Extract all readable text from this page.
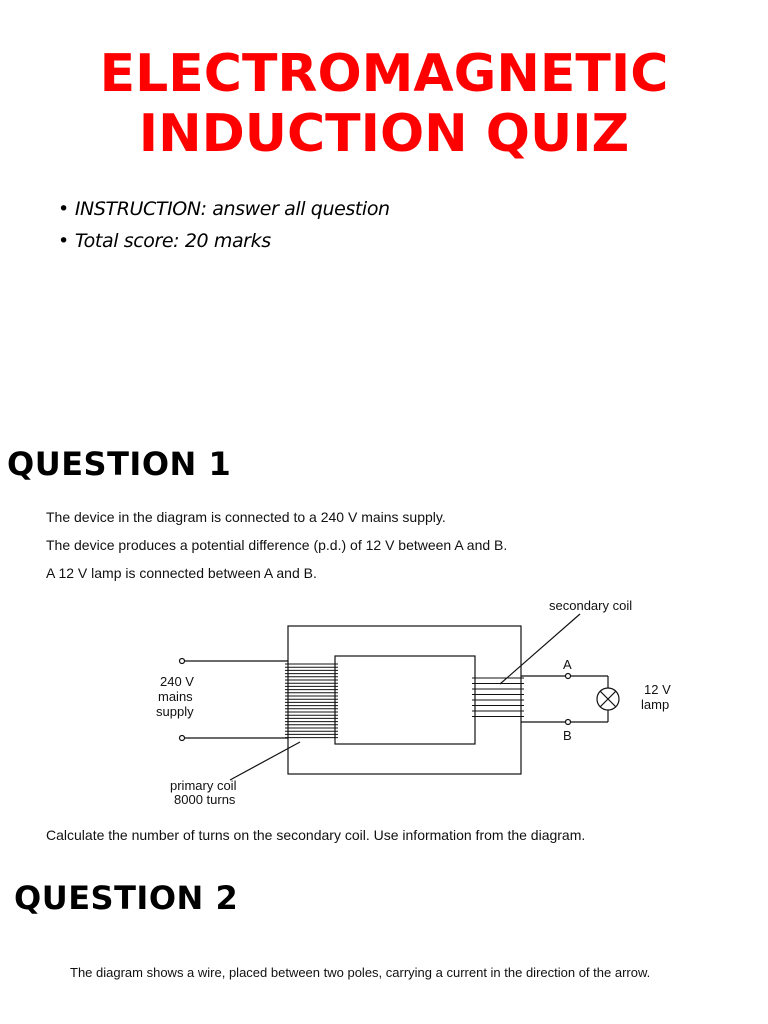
ELECTROMAGNETIC
INDUCTION QUIZ
• INSTRUCTION: answer all question
• Total score: 20 marks
QUESTION 1

The device in the diagram is connected to a 240 V mains supply.

The device produces a potential difference (p.d.) of 12 V between A and B.

A 12 V lamp is connected between A and B.

secondary coil
240 V
mains
supply
A
B
12 V
lamp
primary coil
8000 turns

Calculate the number of turns on the secondary coil. Use information from the diagram.

QUESTION 2

The diagram shows a wire, placed between two poles, carrying a current in the direction of the arrow.
